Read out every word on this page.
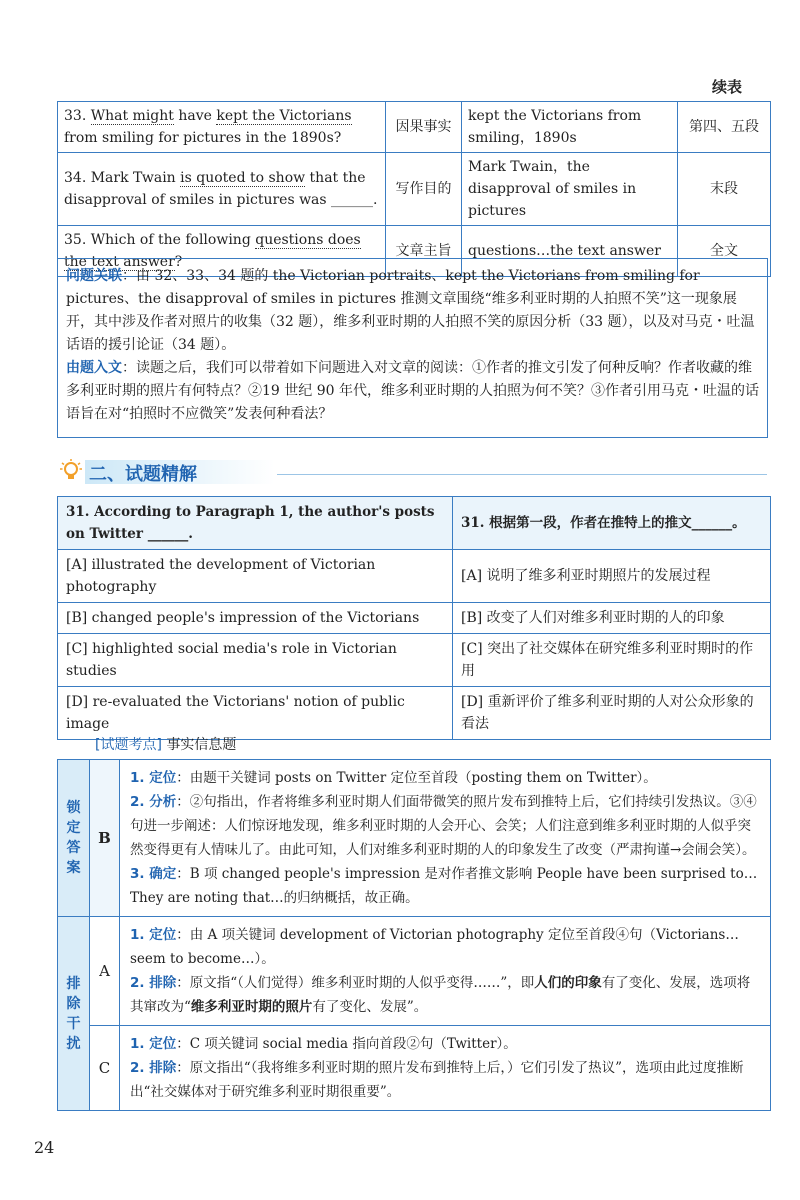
续表
33. What might have kept the Victorians from smiling for pictures in the 1890s?	因果事实	kept the Victorians from smiling，1890s	第四、五段
34. Mark Twain is quoted to show that the disapproval of smiles in pictures was ______.	写作目的	Mark Twain，the disapproval of smiles in pictures	末段
35. Which of the following questions does the text answer?	文章主旨	questions…the text answer	全文

问题关联：由 32、33、34 题的 the Victorian portraits、kept the Victorians from smiling for pictures、the disapproval of smiles in pictures 推测文章围绕“维多利亚时期的人拍照不笑”这一现象展开，其中涉及作者对照片的收集（32 题），维多利亚时期的人拍照不笑的原因分析（33 题），以及对马克・吐温话语的援引论证（34 题）。

由题入文：读题之后，我们可以带着如下问题进入对文章的阅读：①作者的推文引发了何种反响？作者收藏的维多利亚时期的照片有何特点？②19 世纪 90 年代，维多利亚时期的人拍照为何不笑？③作者引用马克・吐温的话语旨在对“拍照时不应微笑”发表何种看法？

二、试题精解
31. According to Paragraph 1, the author's posts on Twitter ______.	31. 根据第一段，作者在推特上的推文______。
[A] illustrated the development of Victorian photography	[A] 说明了维多利亚时期照片的发展过程
[B] changed people's impression of the Victorians	[B] 改变了人们对维多利亚时期的人的印象
[C] highlighted social media's role in Victorian studies	[C] 突出了社交媒体在研究维多利亚时期时的作用
[D] re-evaluated the Victorians' notion of public image	[D] 重新评价了维多利亚时期的人对公众形象的看法
[试题考点] 事实信息题
锁定答案	B	1. 定位：由题干关键词 posts on Twitter 定位至首段（posting them on Twitter）。

2. 分析：②句指出，作者将维多利亚时期人们面带微笑的照片发布到推特上后，它们持续引发热议。③④句进一步阐述：人们惊讶地发现，维多利亚时期的人会开心、会笑；人们注意到维多利亚时期的人似乎突然变得更有人情味儿了。由此可知，人们对维多利亚时期的人的印象发生了改变（严肃拘谨→会闹会笑）。

3. 确定：B 项 changed people's impression 是对作者推文影响 People have been surprised to…They are noting that…的归纳概括，故正确。

排除干扰	A	1. 定位：由 A 项关键词 development of Victorian photography 定位至首段④句（Victorians…seem to become…）。

2. 排除：原文指“（人们觉得）维多利亚时期的人似乎变得……”，即人们的印象有了变化、发展，选项将其窜改为“维多利亚时期的照片有了变化、发展”。

	C	1. 定位：C 项关键词 social media 指向首段②句（Twitter）。

2. 排除：原文指出“（我将维多利亚时期的照片发布到推特上后，）它们引发了热议”，选项由此过度推断出“社交媒体对于研究维多利亚时期很重要”。

24
